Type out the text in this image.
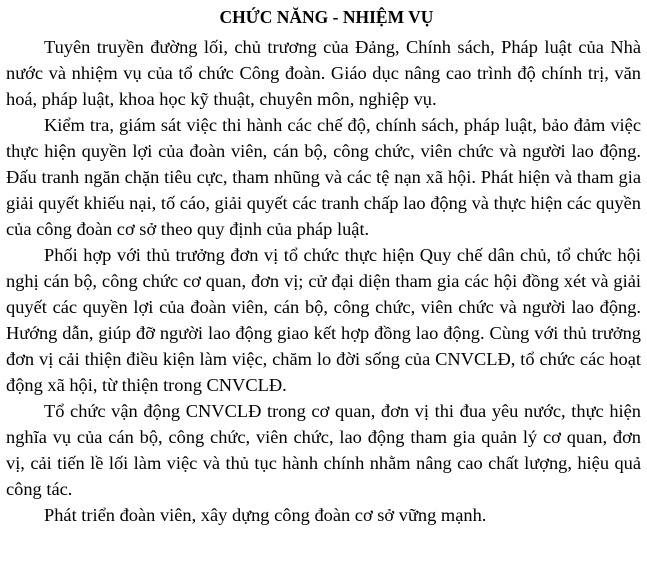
CHỨC NĂNG - NHIỆM VỤ

Tuyên truyền đường lối, chủ trương của Đảng, Chính sách, Pháp luật của Nhà nước và nhiệm vụ của tổ chức Công đoàn. Giáo dục nâng cao trình độ chính trị, văn hoá, pháp luật, khoa học kỹ thuật, chuyên môn, nghiệp vụ.

Kiểm tra, giám sát việc thi hành các chế độ, chính sách, pháp luật, bảo đảm việc thực hiện quyền lợi của đoàn viên, cán bộ, công chức, viên chức và người lao động. Đấu tranh ngăn chặn tiêu cực, tham nhũng và các tệ nạn xã hội. Phát hiện và tham gia giải quyết khiếu nại, tố cáo, giải quyết các tranh chấp lao động và thực hiện các quyền của công đoàn cơ sở theo quy định của pháp luật.

Phối hợp với thủ trưởng đơn vị tổ chức thực hiện Quy chế dân chủ, tổ chức hội nghị cán bộ, công chức cơ quan, đơn vị; cử đại diện tham gia các hội đồng xét và giải quyết các quyền lợi của đoàn viên, cán bộ, công chức, viên chức và người lao động. Hướng dẫn, giúp đỡ người lao động giao kết hợp đồng lao động. Cùng với thủ trưởng đơn vị cải thiện điều kiện làm việc, chăm lo đời sống của CNVCLĐ, tổ chức các hoạt động xã hội, từ thiện trong CNVCLĐ.

Tổ chức vận động CNVCLĐ trong cơ quan, đơn vị thi đua yêu nước, thực hiện nghĩa vụ của cán bộ, công chức, viên chức, lao động tham gia quản lý cơ quan, đơn vị, cải tiến lề lối làm việc và thủ tục hành chính nhằm nâng cao chất lượng, hiệu quả công tác.

Phát triển đoàn viên, xây dựng công đoàn cơ sở vững mạnh.
